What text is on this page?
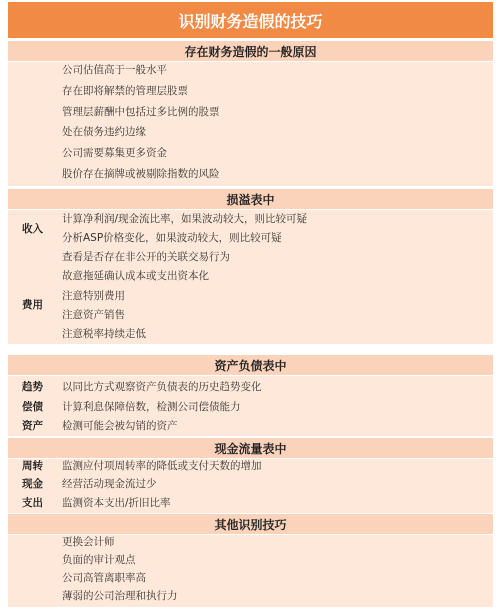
识别财务造假的技巧
存在财务造假的一般原因
公司估值高于一般水平
存在即将解禁的管理层股票
管理层薪酬中包括过多比例的股票
处在债务违约边缘
公司需要募集更多资金
股价存在摘牌或被剔除指数的风险
损溢表中
收入
费用
计算净利润/现金流比率，如果波动较大，则比较可疑
分析ASP价格变化，如果波动较大，则比较可疑
查看是否存在非公开的关联交易行为
故意拖延确认成本或支出资本化
注意特别费用
注意资产销售
注意税率持续走低
资产负债表中
趋势
偿债
资产
以同比方式观察资产负债表的历史趋势变化
计算利息保障倍数，检测公司偿债能力
检测可能会被勾销的资产
现金流量表中
周转
现金
支出
监测应付项周转率的降低或支付天数的增加
经营活动现金流过少
监测资本支出/折旧比率
其他识别技巧
更换会计师
负面的审计观点
公司高管离职率高
薄弱的公司治理和执行力
